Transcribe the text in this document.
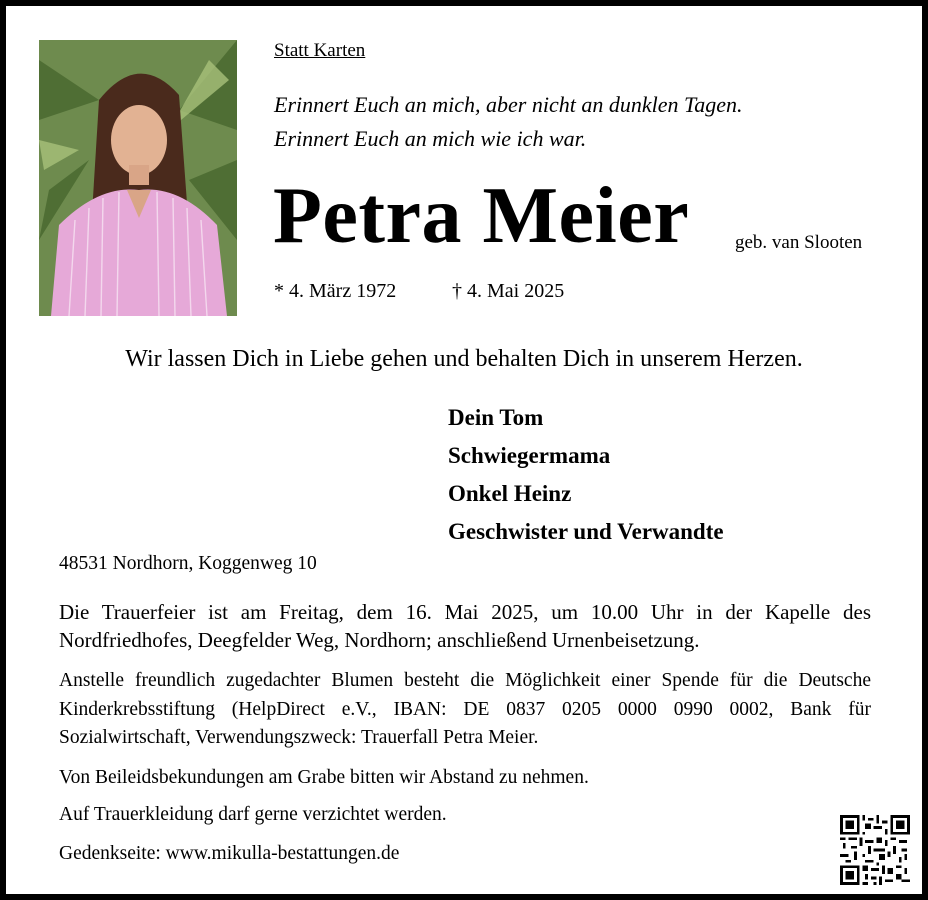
Statt Karten
Erinnert Euch an mich, aber nicht an dunklen Tagen.
Erinnert Euch an mich wie ich war.
Petra Meier geb. van Slooten
* 4. März 1972	† 4. Mai 2025
Wir lassen Dich in Liebe gehen und behalten Dich in unserem Herzen.
Dein Tom
Schwiegermama
Onkel Heinz
Geschwister und Verwandte
48531 Nordhorn, Koggenweg 10
Die Trauerfeier ist am Freitag, dem 16. Mai 2025, um 10.00 Uhr in der Kapelle des Nordfriedhofes, Deegfelder Weg, Nordhorn; anschließend Urnenbeisetzung.
Anstelle freundlich zugedachter Blumen besteht die Möglichkeit einer Spende für die Deutsche Kinderkrebsstiftung (HelpDirect e.V., IBAN: DE 0837 0205 0000 0990 0002, Bank für Sozialwirtschaft, Verwendungszweck: Trauerfall Petra Meier.
Von Beileidsbekundungen am Grabe bitten wir Abstand zu nehmen.
Auf Trauerkleidung darf gerne verzichtet werden.
Gedenkseite: www.mikulla-bestattungen.de
